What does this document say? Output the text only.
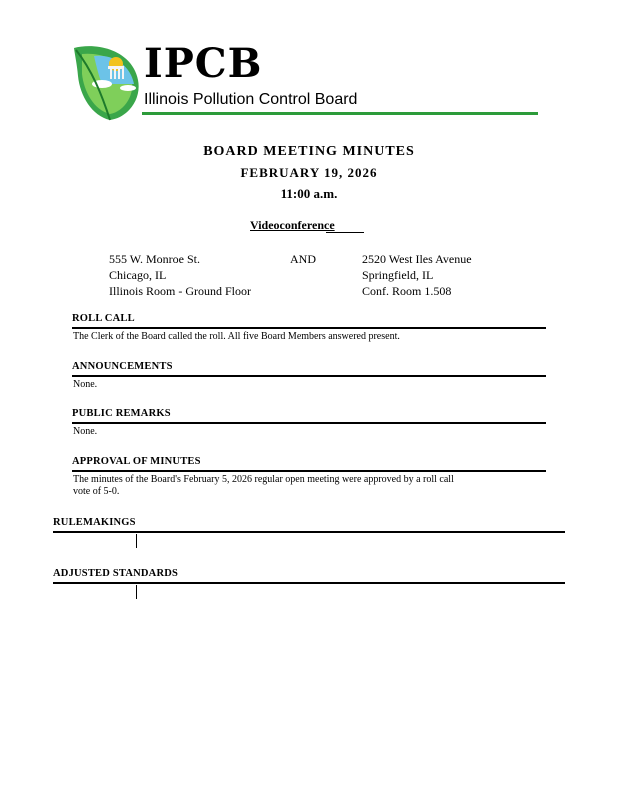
IPCB
Illinois Pollution Control Board
BOARD MEETING MINUTES
FEBRUARY 19, 2026
11:00 a.m.
Videoconference
555 W. Monroe St.
Chicago, IL
Illinois Room - Ground Floor
AND	2520 West Iles Avenue
Springfield, IL
Conf. Room 1.508
ROLL CALL
The Clerk of the Board called the roll. All five Board Members answered present.
ANNOUNCEMENTS
None.
PUBLIC REMARKS
None.
APPROVAL OF MINUTES
The minutes of the Board's February 5, 2026 regular open meeting were approved by a roll call
vote of 5-0.
RULEMAKINGS
ADJUSTED STANDARDS
